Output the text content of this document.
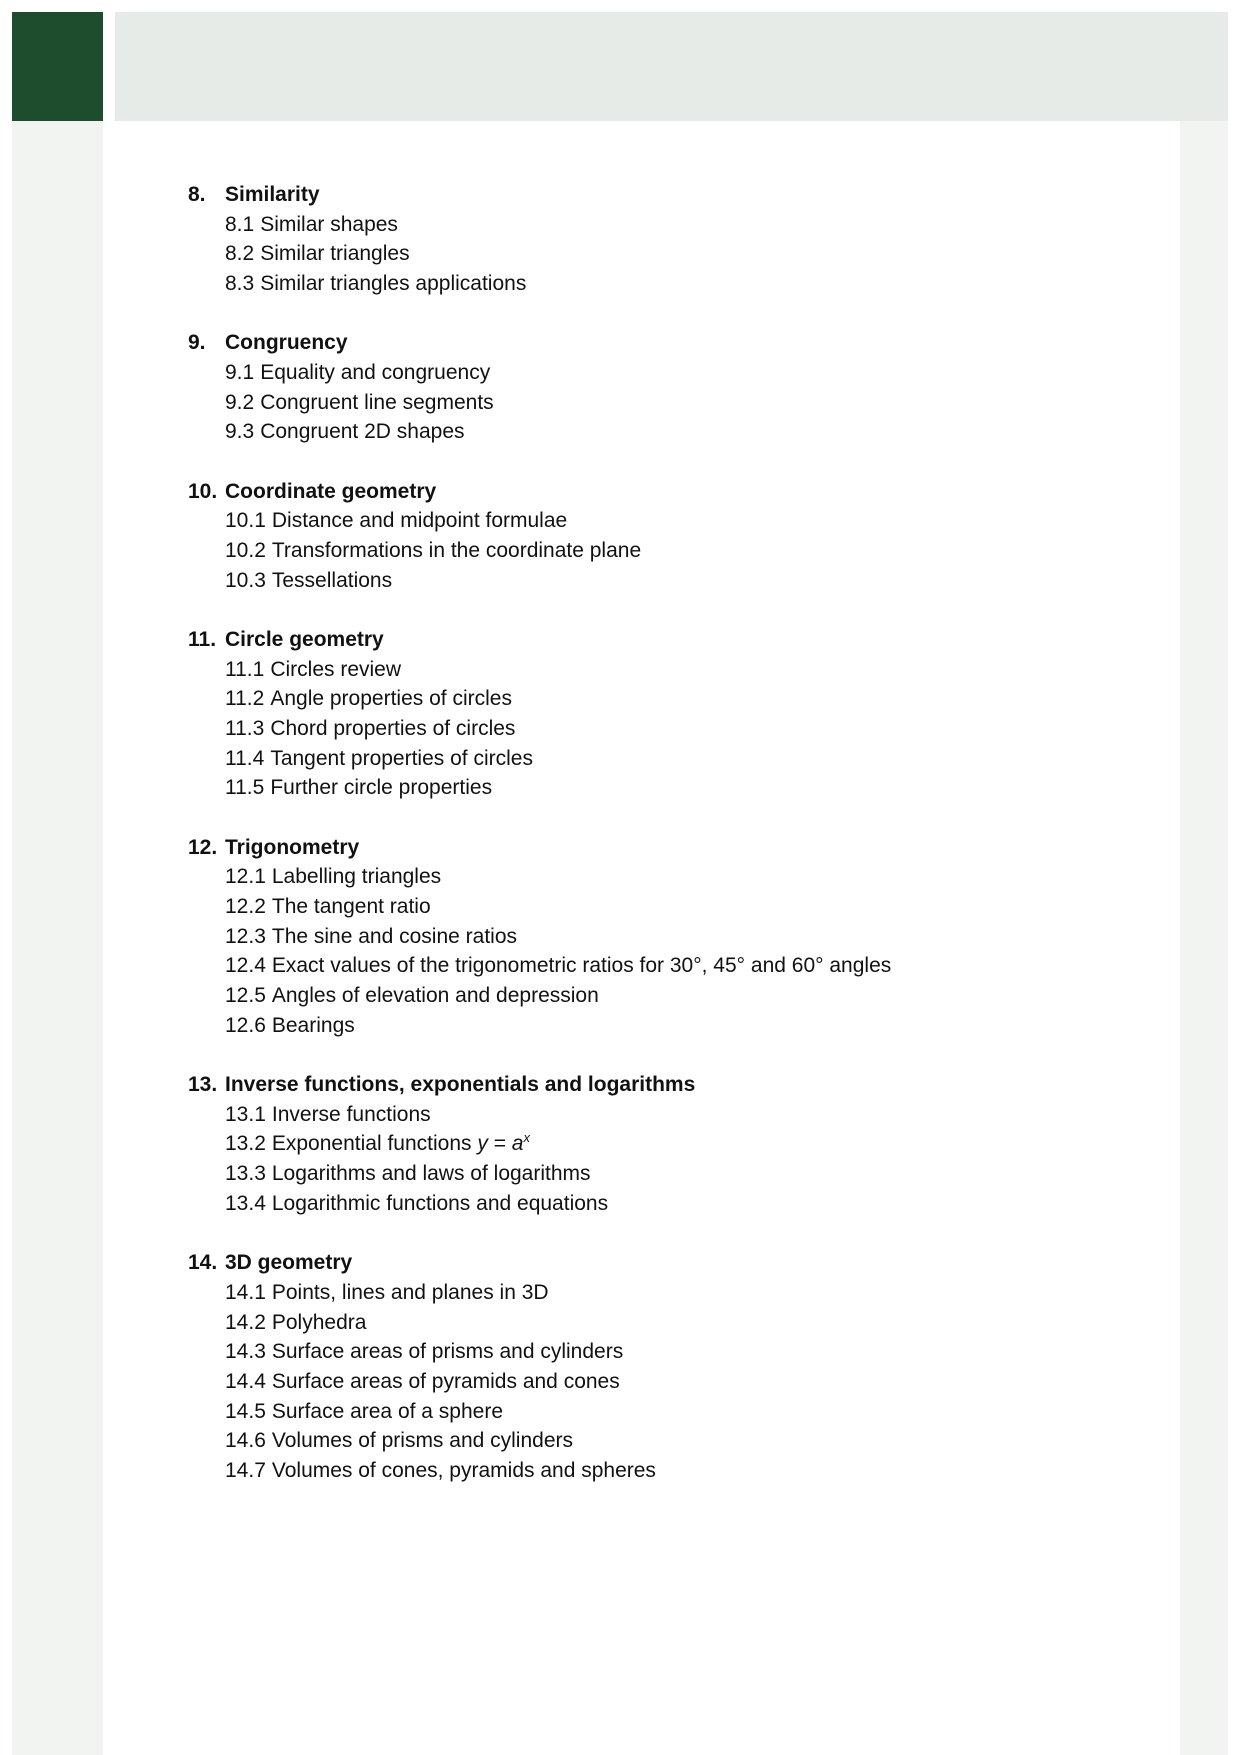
8. Similarity
8.1 Similar shapes
8.2 Similar triangles
8.3 Similar triangles applications
9. Congruency
9.1 Equality and congruency
9.2 Congruent line segments
9.3 Congruent 2D shapes
10. Coordinate geometry
10.1 Distance and midpoint formulae
10.2 Transformations in the coordinate plane
10.3 Tessellations
11. Circle geometry
11.1 Circles review
11.2 Angle properties of circles
11.3 Chord properties of circles
11.4 Tangent properties of circles
11.5 Further circle properties
12. Trigonometry
12.1 Labelling triangles
12.2 The tangent ratio
12.3 The sine and cosine ratios
12.4 Exact values of the trigonometric ratios for 30°, 45° and 60° angles
12.5 Angles of elevation and depression
12.6 Bearings
13. Inverse functions, exponentials and logarithms
13.1 Inverse functions
13.2 Exponential functions $y = a^x$
13.3 Logarithms and laws of logarithms
13.4 Logarithmic functions and equations
14. 3D geometry
14.1 Points, lines and planes in 3D
14.2 Polyhedra
14.3 Surface areas of prisms and cylinders
14.4 Surface areas of pyramids and cones
14.5 Surface area of a sphere
14.6 Volumes of prisms and cylinders
14.7 Volumes of cones, pyramids and spheres
